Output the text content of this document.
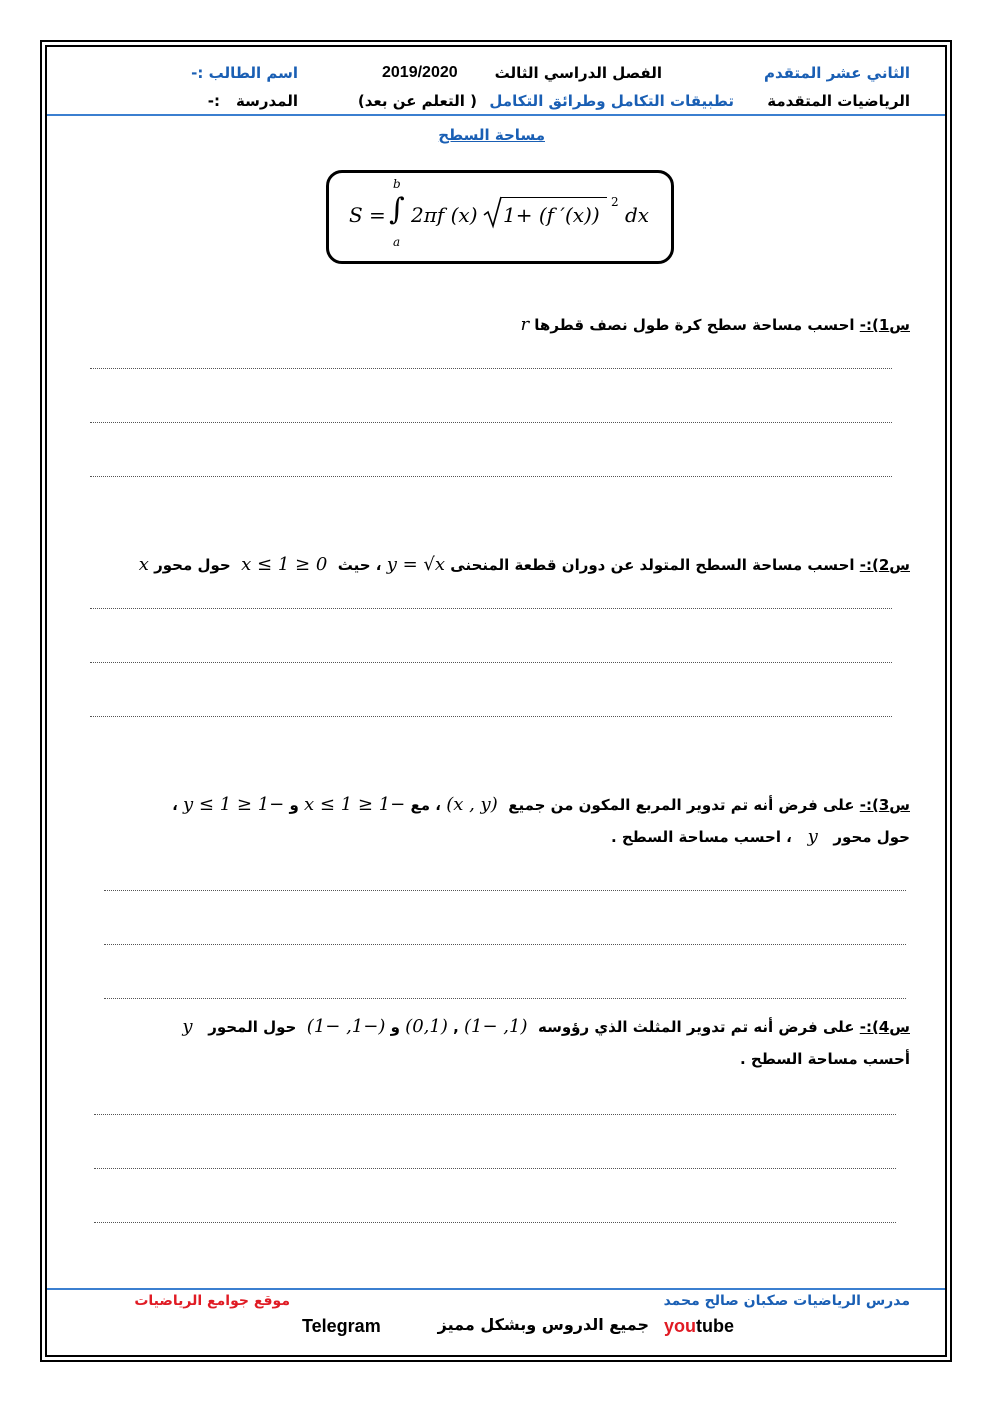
الثاني عشر المتقدم
الرياضيات المتقدمة
الفصل الدراسي الثالث
2019/2020
تطبيقات التكامل وطرائق التكامل
( التعلم عن بعد)
اسم الطالب :-
المدرسة
:-
مساحة السطح
S =
b
∫
a
2πf (x) 1+ (f ′(x))
2
dx
س1):- احسب مساحة سطح كرة طول نصف قطرها r
س2):- احسب مساحة السطح المتولد عن دوران قطعة المنحنى y = √x ، حيث  0 ≤ x ≤ 1  حول محور x
س3):- على فرض أنه تم تدوير المربع المكون من جميع  (x , y) ، مع −1 ≤ x ≤ 1 و −1 ≤ y ≤ 1 ،
حول محور   y   ، احسب مساحة السطح .
س4):- على فرض أنه تم تدوير المثلث الذي رؤوسه  (1, −1) , (0,1) و (−1, −1)  حول المحور   y
أحسب مساحة السطح .
مدرس الرياضيات صكبان صالح محمد
موقع جوامع الرياضيات
youtube
جميع الدروس وبشكل مميز
Telegram
